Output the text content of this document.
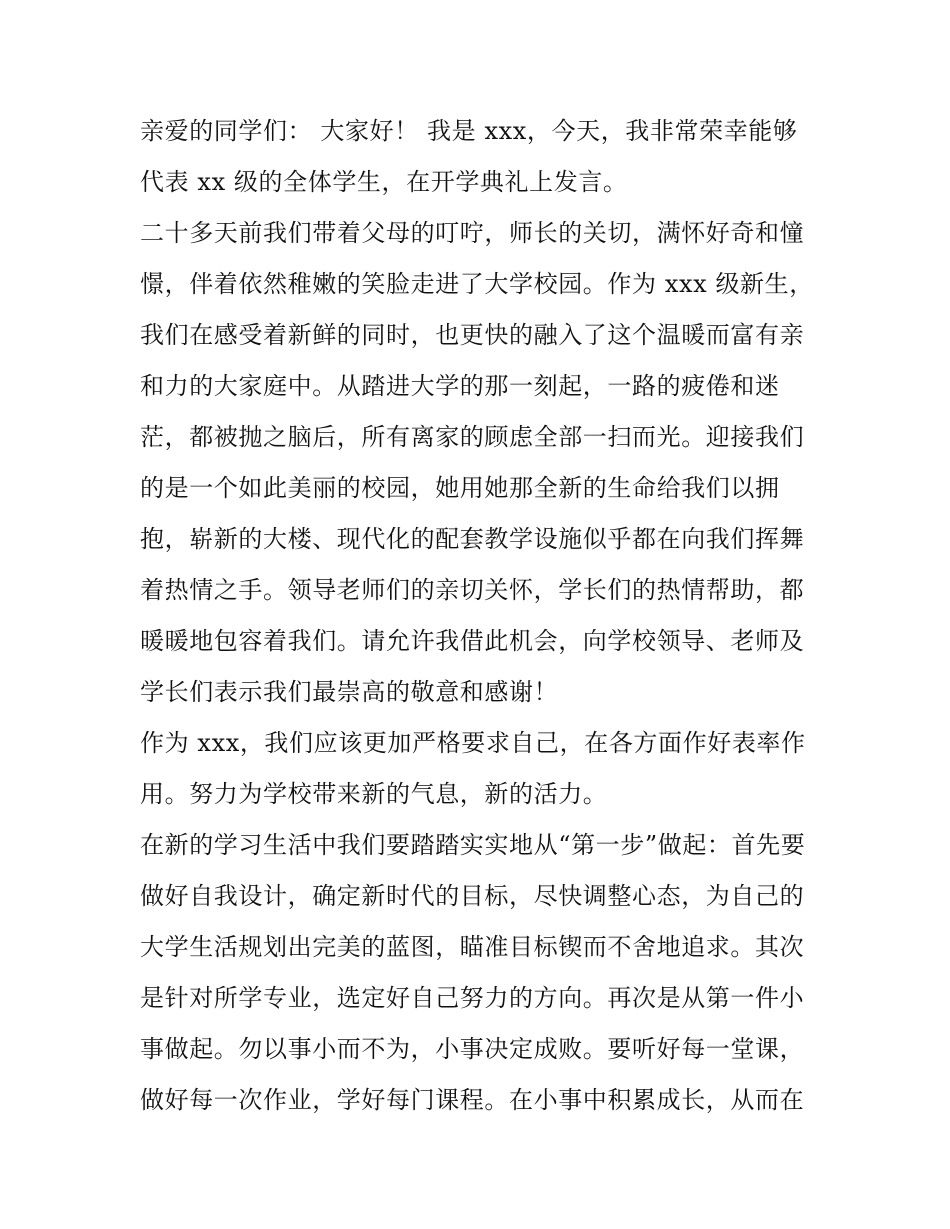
亲爱的同学们： 大家好！ 我是 xxx，今天，我非常荣幸能够
代表 xx 级的全体学生，在开学典礼上发言。
二十多天前我们带着父母的叮咛，师长的关切，满怀好奇和憧
憬，伴着依然稚嫩的笑脸走进了大学校园。作为 xxx 级新生，
我们在感受着新鲜的同时，也更快的融入了这个温暖而富有亲
和力的大家庭中。从踏进大学的那一刻起，一路的疲倦和迷
茫，都被抛之脑后，所有离家的顾虑全部一扫而光。迎接我们
的是一个如此美丽的校园，她用她那全新的生命给我们以拥
抱，崭新的大楼、现代化的配套教学设施似乎都在向我们挥舞
着热情之手。领导老师们的亲切关怀，学长们的热情帮助，都
暖暖地包容着我们。请允许我借此机会，向学校领导、老师及
学长们表示我们最崇高的敬意和感谢！
作为 xxx，我们应该更加严格要求自己，在各方面作好表率作
用。努力为学校带来新的气息，新的活力。
在新的学习生活中我们要踏踏实实地从“第一步”做起：首先要
做好自我设计，确定新时代的目标，尽快调整心态，为自己的
大学生活规划出完美的蓝图，瞄准目标锲而不舍地追求。其次
是针对所学专业，选定好自己努力的方向。再次是从第一件小
事做起。勿以事小而不为，小事决定成败。要听好每一堂课，
做好每一次作业，学好每门课程。在小事中积累成长，从而在
